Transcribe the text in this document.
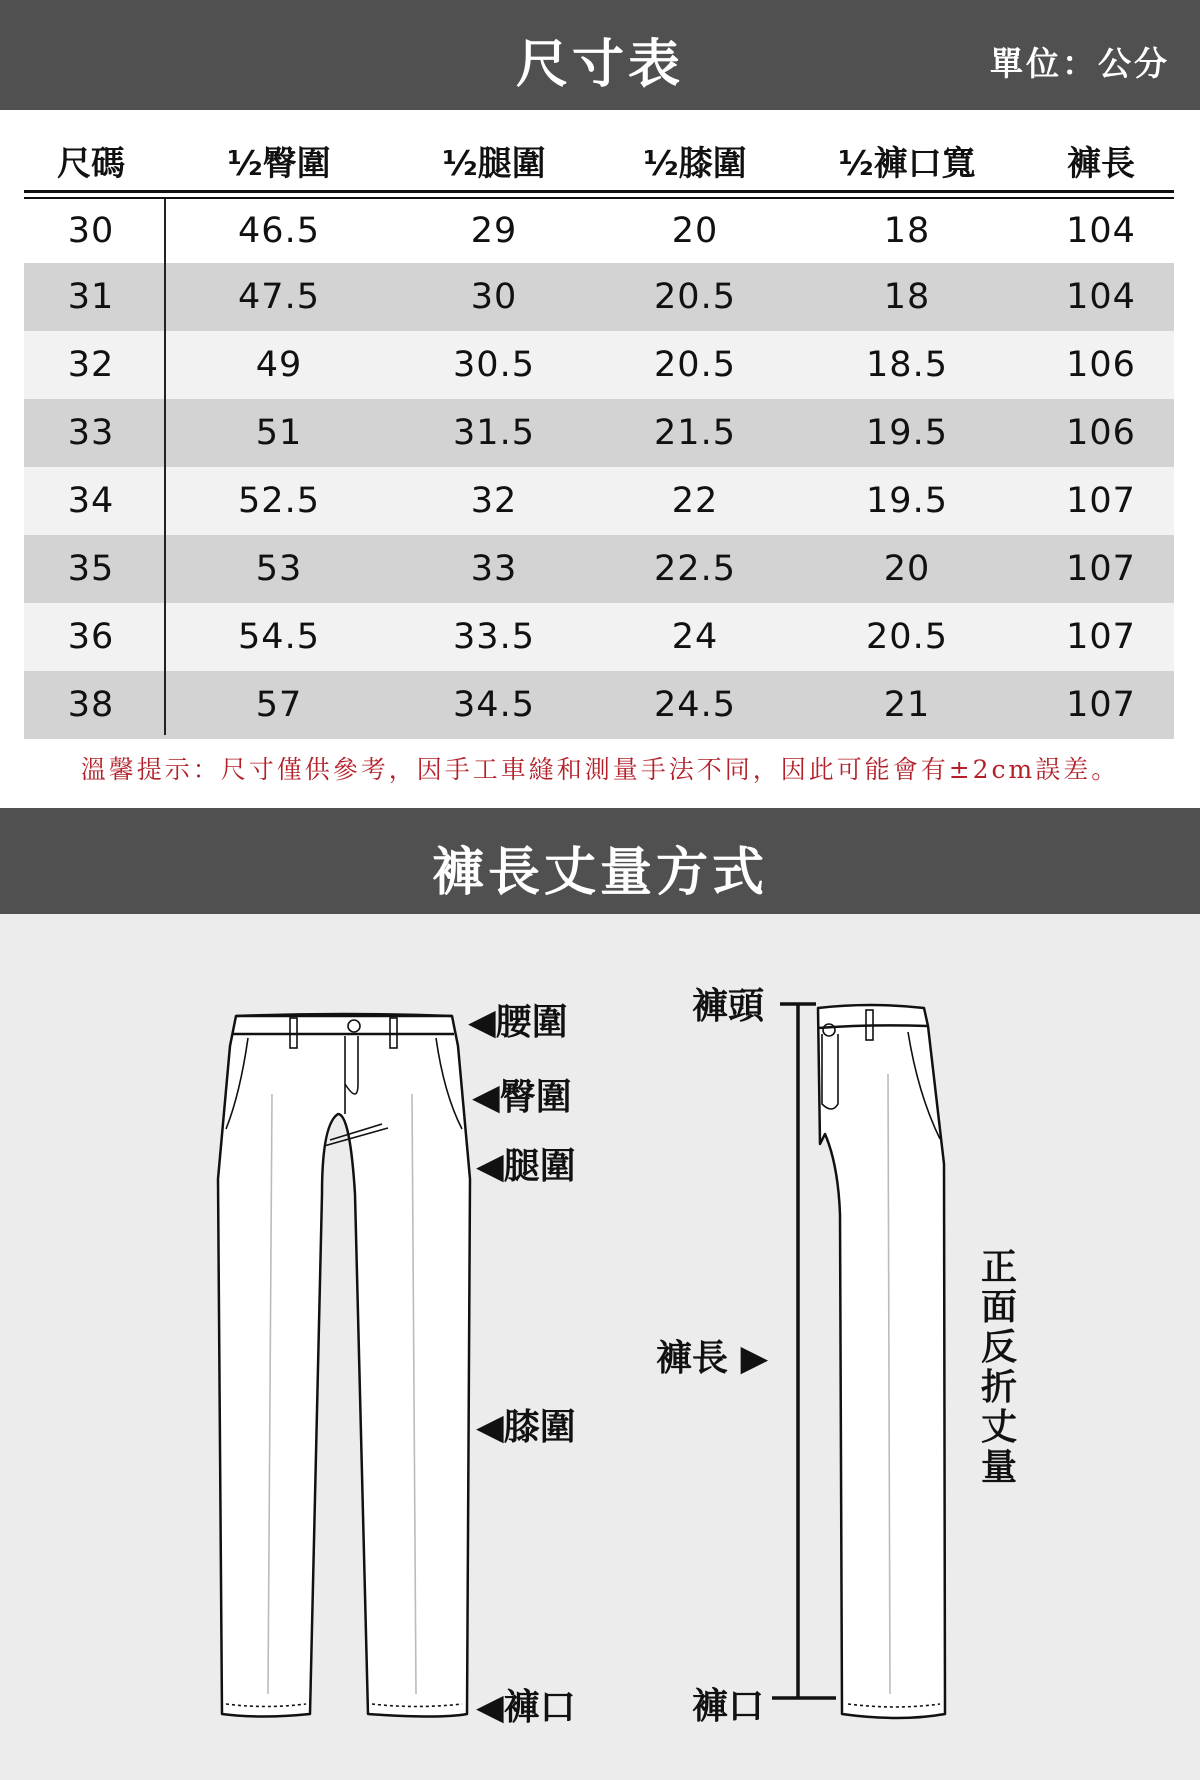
尺寸表	單位：公分
尺碼	½臀圍	½腿圍	½膝圍	½褲口寬	褲長
30	46.5	29	20	18	104
31	47.5	30	20.5	18	104
32	49	30.5	20.5	18.5	106
33	51	31.5	21.5	19.5	106
34	52.5	32	22	19.5	107
35	53	33	22.5	20	107
36	54.5	33.5	24	20.5	107
38	57	34.5	24.5	21	107
溫馨提示：尺寸僅供參考，因手工車縫和測量手法不同，因此可能會有±2cm誤差。
褲長丈量方式
◀腰圍
◀臀圍
◀腿圍
◀膝圍
◀褲口
褲頭
褲長 ▶
褲口
正面反折丈量
